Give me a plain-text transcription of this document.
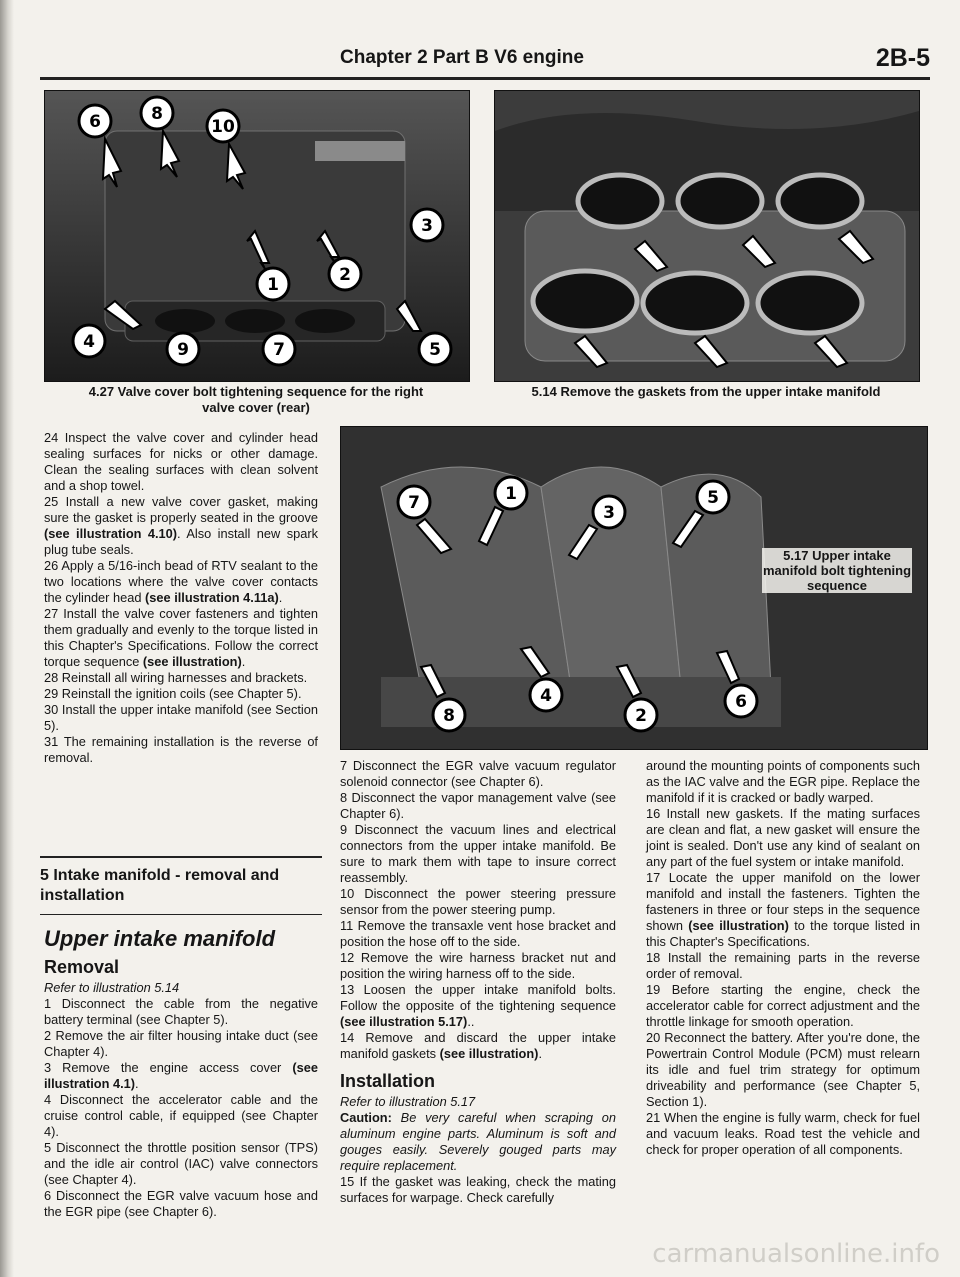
Chapter 2 Part B V6 engine	2B-5
6	8
10
3
1	2
4	9	7	5
4.27 Valve cover bolt tightening sequence for the right valve cover (rear)
5.14 Remove the gaskets from the upper intake manifold
7	1
3
5
8
4
2
6
5.17 Upper intake manifold bolt tightening sequence

24 Inspect the valve cover and cylinder head sealing surfaces for nicks or other damage. Clean the sealing surfaces with clean solvent and a shop towel.

25 Install a new valve cover gasket, making sure the gasket is properly seated in the groove (see illustration 4.10). Also install new spark plug tube seals.

26 Apply a 5/16-inch bead of RTV sealant to the two locations where the valve cover contacts the cylinder head (see illustration 4.11a).

27 Install the valve cover fasteners and tighten them gradually and evenly to the torque listed in this Chapter's Specifications. Follow the correct torque sequence (see illustration).

28 Reinstall all wiring harnesses and brackets.

29 Reinstall the ignition coils (see Chapter 5).

30 Install the upper intake manifold (see Section 5).

31 The remaining installation is the reverse of removal.

5 Intake manifold - removal and installation
Upper intake manifold
Removal

Refer to illustration 5.14

1 Disconnect the cable from the negative battery terminal (see Chapter 5).

2 Remove the air filter housing intake duct (see Chapter 4).

3 Remove the engine access cover (see illustration 4.1).

4 Disconnect the accelerator cable and the cruise control cable, if equipped (see Chapter 4).

5 Disconnect the throttle position sensor (TPS) and the idle air control (IAC) valve connectors (see Chapter 4).

6 Disconnect the EGR valve vacuum hose and the EGR pipe (see Chapter 6).

7 Disconnect the EGR valve vacuum regulator solenoid connector (see Chapter 6).

8 Disconnect the vapor management valve (see Chapter 6).

9 Disconnect the vacuum lines and electrical connectors from the upper intake manifold. Be sure to mark them with tape to insure correct reassembly.

10 Disconnect the power steering pressure sensor from the power steering pump.

11 Remove the transaxle vent hose bracket and position the hose off to the side.

12 Remove the wire harness bracket nut and position the wiring harness off to the side.

13 Loosen the upper intake manifold bolts. Follow the opposite of the tightening sequence (see illustration 5.17)..

14 Remove and discard the upper intake manifold gaskets (see illustration).

Installation

Refer to illustration 5.17

Caution: Be very careful when scraping on aluminum engine parts. Aluminum is soft and gouges easily. Severely gouged parts may require replacement.

15 If the gasket was leaking, check the mating surfaces for warpage. Check carefully

around the mounting points of components such as the IAC valve and the EGR pipe. Replace the manifold if it is cracked or badly warped.

16 Install new gaskets. If the mating surfaces are clean and flat, a new gasket will ensure the joint is sealed. Don't use any kind of sealant on any part of the fuel system or intake manifold.

17 Locate the upper manifold on the lower manifold and install the fasteners. Tighten the fasteners in three or four steps in the sequence shown (see illustration) to the torque listed in this Chapter's Specifications.

18 Install the remaining parts in the reverse order of removal.

19 Before starting the engine, check the accelerator cable for correct adjustment and the throttle linkage for smooth operation.

20 Reconnect the battery. After you're done, the Powertrain Control Module (PCM) must relearn its idle and fuel trim strategy for optimum driveability and performance (see Chapter 5, Section 1).

21 When the engine is fully warm, check for fuel and vacuum leaks. Road test the vehicle and check for proper operation of all components.

carmanualsonline.info
